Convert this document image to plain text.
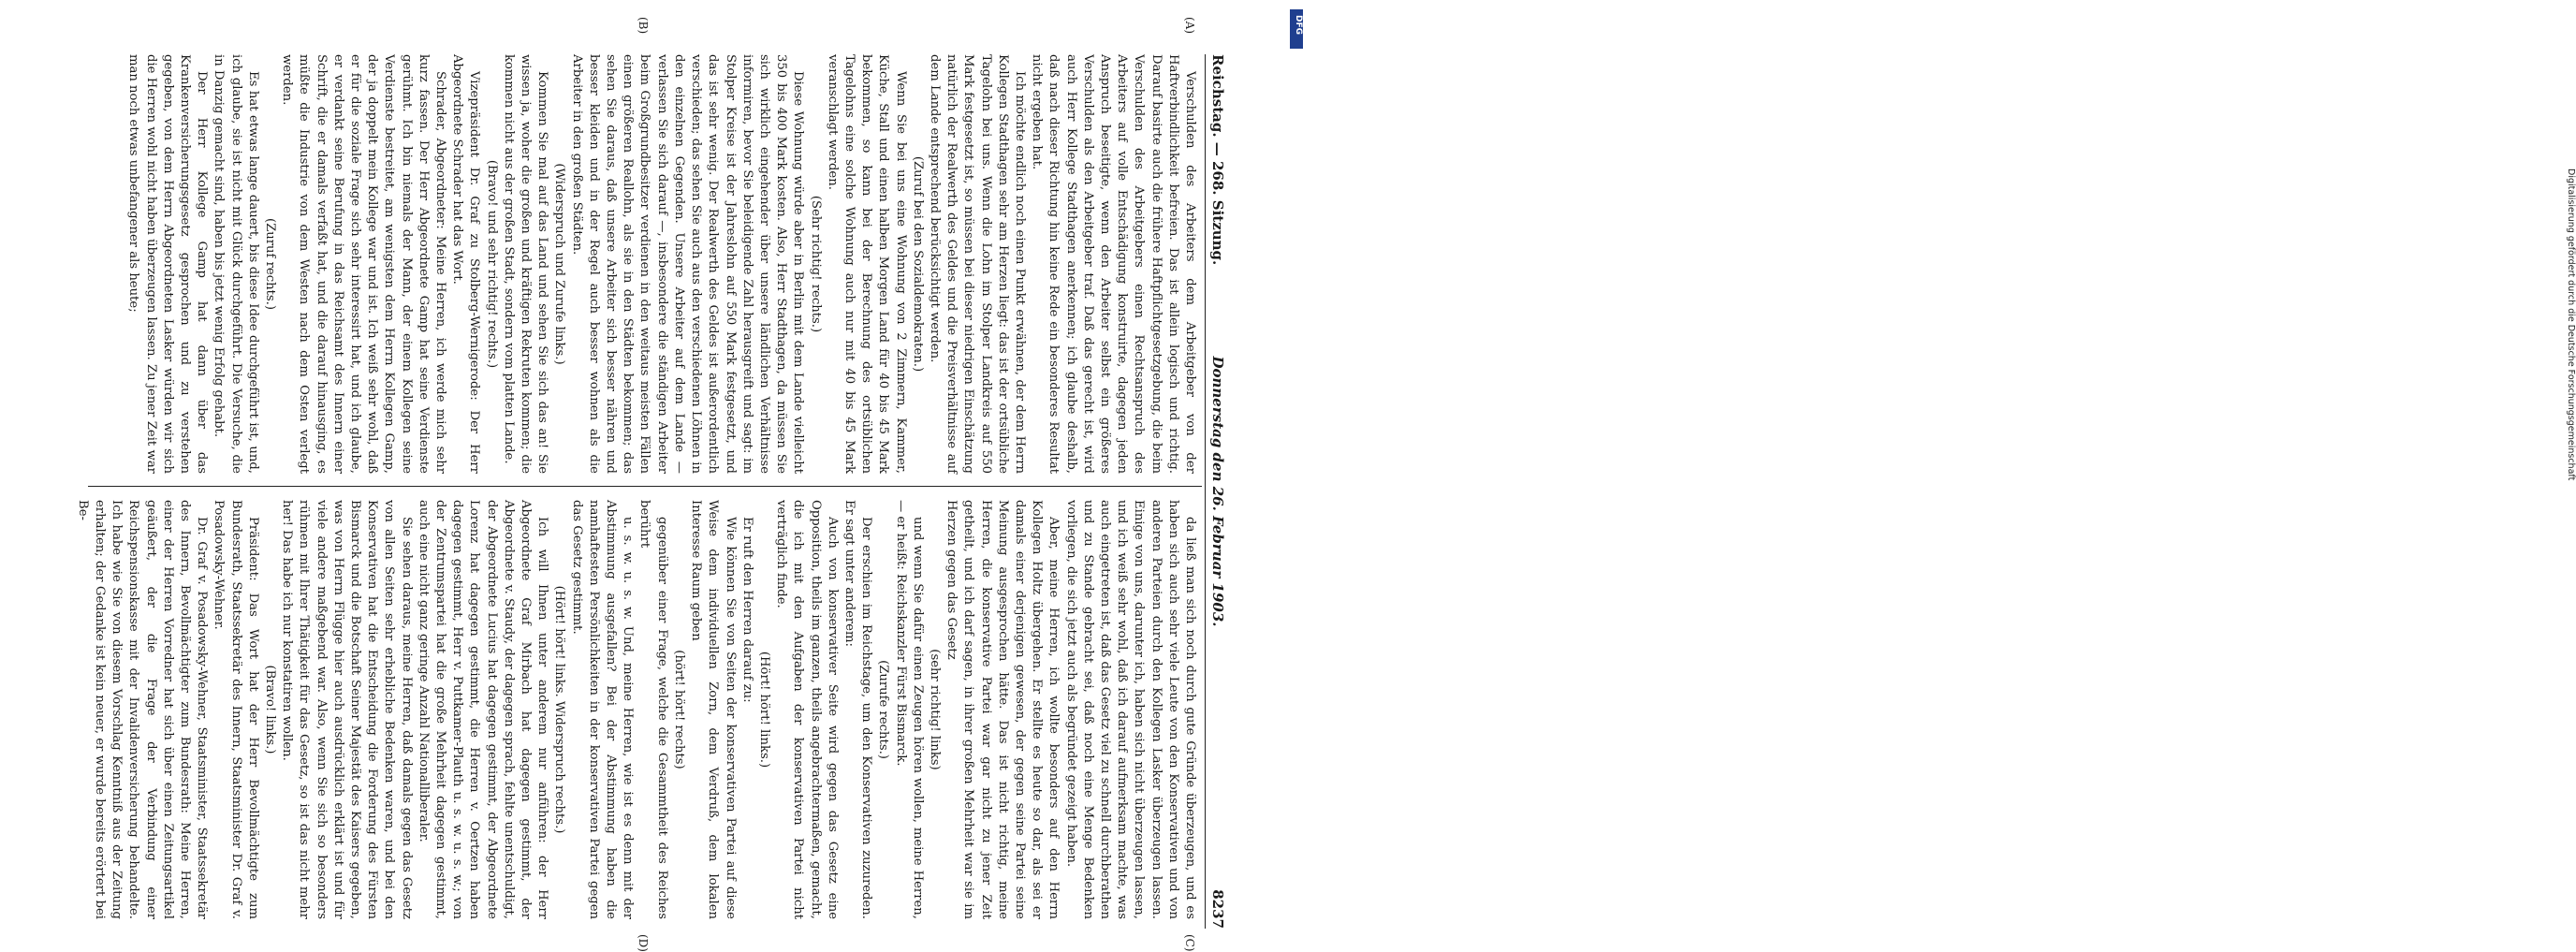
Reichstag. — 268. Sitzung.
Donnerstag den 26. Februar 1903.
8237
(A)
(B)
(C)
(D)

Verschulden des Arbeiters dem Arbeitgeber von der Haftverbindlichkeit befreien. Das ist allein logisch und richtig. Darauf basirte auch die frühere Haftpflichtgesetzgebung, die beim Verschulden des Arbeitgebers einen Rechtsanspruch des Arbeiters auf volle Entschädigung konstruirte, dagegen jeden Anspruch beseitigte, wenn den Arbeiter selbst ein größeres Verschulden als den Arbeitgeber traf. Daß das gerecht ist, wird auch Herr Kollege Stadthagen anerkennen; ich glaube deshalb, daß nach dieser Richtung hin keine Rede ein besonderes Resultat nicht ergeben hat.

Ich möchte endlich noch einen Punkt erwähnen, der dem Herrn Kollegen Stadthagen sehr am Herzen liegt: das ist der ortsübliche Tagelohn bei uns. Wenn die Lohn im Stolper Landkreis auf 550 Mark festgesetzt ist, so müssen bei dieser niedrigen Einschätzung natürlich der Realwerth des Geldes und die Preisverhältnisse auf dem Lande entsprechend berücksichtigt werden.

(Zuruf bei den Sozialdemokraten.)

Wenn Sie bei uns eine Wohnung von 2 Zimmern, Kammer, Küche, Stall und einen halben Morgen Land für 40 bis 45 Mark bekommen, so kann bei der Berechnung des ortsüblichen Tagelohns eine solche Wohnung auch nur mit 40 bis 45 Mark veranschlagt werden.

(Sehr richtig! rechts.)

Diese Wohnung würde aber in Berlin mit dem Lande vielleicht 350 bis 400 Mark kosten. Also, Herr Stadthagen, da müssen Sie sich wirklich eingehender über unsere ländlichen Verhältnisse informiren, bevor Sie beleidigende Zahl herausgreift und sagt: im Stolper Kreise ist der Jahreslohn auf 550 Mark festgesetzt, und das ist sehr wenig. Der Realwerth des Geldes ist außerordentlich verschieden; das sehen Sie auch aus den verschiedenen Löhnen in den einzelnen Gegenden. Unsere Arbeiter auf dem Lande — verlassen Sie sich darauf —, insbesondere die ständigen Arbeiter beim Großgrundbesitzer verdienen in den weitaus meisten Fällen einen größeren Reallohn, als sie in den Städten bekommen; das sehen Sie daraus, daß unsere Arbeiter sich besser nähren und besser kleiden und in der Regel auch besser wohnen als die Arbeiter in den großen Städten.

(Widerspruch und Zurufe links.)

Kommen Sie mal auf das Land und sehen Sie sich das an! Sie wissen ja, woher die großen und kräftigen Rekruten kommen; die kommen nicht aus der großen Stadt, sondern vom platten Lande.

(Bravo! und sehr richtig! rechts.)

Vizepräsident Dr. Graf zu Stolberg-Wernigerode: Der Herr Abgeordnete Schrader hat das Wort.

Schrader, Abgeordneter: Meine Herren, ich werde mich sehr kurz fassen. Der Herr Abgeordnete Gamp hat seine Verdienste gerühmt. Ich bin niemals der Mann, der einem Kollegen seine Verdienste bestreitet, am wenigsten dem Herrn Kollegen Gamp, der ja doppelt mein Kollege war und ist. Ich weiß sehr wohl, daß er für die soziale Frage sich sehr interessirt hat, und ich glaube, er verdankt seine Berufung in das Reichsamt des Innern einer Schrift, die er damals verfaßt hat, und die darauf hinausging, es müßte die Industrie von dem Westen nach dem Osten verlegt werden.

(Zuruf rechts.)

Es hat etwas lange dauert, bis diese Idee durchgeführt ist, und, ich glaube, sie ist nicht mit Glück durchgeführt. Die Versuche, die in Danzig gemacht sind, haben bis jetzt wenig Erfolg gehabt.

Der Herr Kollege Gamp hat dann über das Krankenversicherungsgesetz gesprochen und zu verstehen gegeben, von dem Herrn Abgeordneten Lasker würden wir sich die Herren wohl nicht haben überzeugen lassen. Zu jener Zeit war man noch etwas unbefangener als heute;

da ließ man sich noch durch gute Gründe überzeugen, und es haben sich auch sehr viele Leute von den Konservativen und von anderen Parteien durch den Kollegen Lasker überzeugen lassen. Einige von uns, darunter ich, haben sich nicht überzeugen lassen, und ich weiß sehr wohl, daß ich darauf aufmerksam machte, was auch eingetreten ist, daß das Gesetz viel zu schnell durchberathen und zu Stande gebracht sei, daß noch eine Menge Bedenken vorliegen, die sich jetzt auch als begründet gezeigt haben.

Aber, meine Herren, ich wollte besonders auf den Herrn Kollegen Holtz übergehen. Er stellte es heute so dar, als sei er damals einer derjenigen gewesen, der gegen seine Partei seine Meinung ausgesprochen hätte. Das ist nicht richtig, meine Herren, die konservative Partei war gar nicht zu jener Zeit getheilt, und ich darf sagen, in ihrer großen Mehrheit war sie im Herzen gegen das Gesetz

(sehr richtig! links)

und wenn Sie dafür einen Zeugen hören wollen, meine Herren, — er heißt: Reichskanzler Fürst Bismarck.

(Zurufe rechts.)

Der erschien im Reichstage, um den Konservativen zuzureden. Er sagt unter anderem:

Auch von konservativer Seite wird gegen das Gesetz eine Opposition, theils im ganzen, theils angebrachtermaßen, gemacht, die ich mit den Aufgaben der konservativen Partei nicht verträglich finde.

(Hört! hört! links.)

Er ruft den Herren darauf zu:

Wie können Sie von Seiten der konservativen Partei auf diese Weise dem individuellen Zorn, dem Verdruß, dem lokalen Interesse Raum geben

(hört! hört! rechts)

gegenüber einer Frage, welche die Gesammtheit des Reiches berührt

u. s. w. u. s. w. Und, meine Herren, wie ist es denn mit der Abstimmung ausgefallen? Bei der Abstimmung haben die namhaftesten Persönlichkeiten in der konservativen Partei gegen das Gesetz gestimmt.

(Hört! hört! links. Widerspruch rechts.)

Ich will Ihnen unter anderem nur anführen: der Herr Abgeordnete Graf Mirbach hat dagegen gestimmt, der Abgeordnete v. Staudy, der dagegen sprach, fehlte unentschuldigt, der Abgeordnete Lucius hat dagegen gestimmt, der Abgeordnete Lorenz hat dagegen gestimmt, die Herren v. Oertzen haben dagegen gestimmt, Herr v. Puttkamer-Plauth u. s. w. u. s. w.; von der Zentrumspartei hat die große Mehrheit dagegen gestimmt, auch eine nicht ganz geringe Anzahl Nationalliberaler.

Sie sehen daraus, meine Herren, daß damals gegen das Gesetz von allen Seiten sehr erhebliche Bedenken waren, und bei den Konservativen hat die Entscheidung die Forderung des Fürsten Bismarck und die Botschaft Seiner Majestät des Kaisers gegeben, was von Herrn Flügge hier auch ausdrücklich erklärt ist und für viele andere maßgebend war. Also, wenn Sie sich so besonders rühmen mit Ihrer Thätigkeit für das Gesetz, so ist das nicht mehr her! Das habe ich nur konstatiren wollen.

(Bravo! links.)

Präsident: Das Wort hat der Herr Bevollmächtigte zum Bundesrath, Staatssekretär des Innern, Staatsminister Dr. Graf v. Posadowsky-Wehner.

Dr. Graf v. Posadowsky-Wehner, Staatsminister, Staatssekretär des Innern, Bevollmächtigter zum Bundesrath: Meine Herren, einer der Herren Vorredner hat sich über einen Zeitungsartikel geäußert, der die Frage der Verbindung einer Reichspensionskasse mit der Invalidenversicherung behandelte. Ich habe wie Sie von diesem Vorschlag Kenntniß aus der Zeitung erhalten; der Gedanke ist kein neuer, er wurde bereits erörtert bei Be-

DFG
Digitalisierung gefördert durch die Deutsche Forschungsgemeinschaft
